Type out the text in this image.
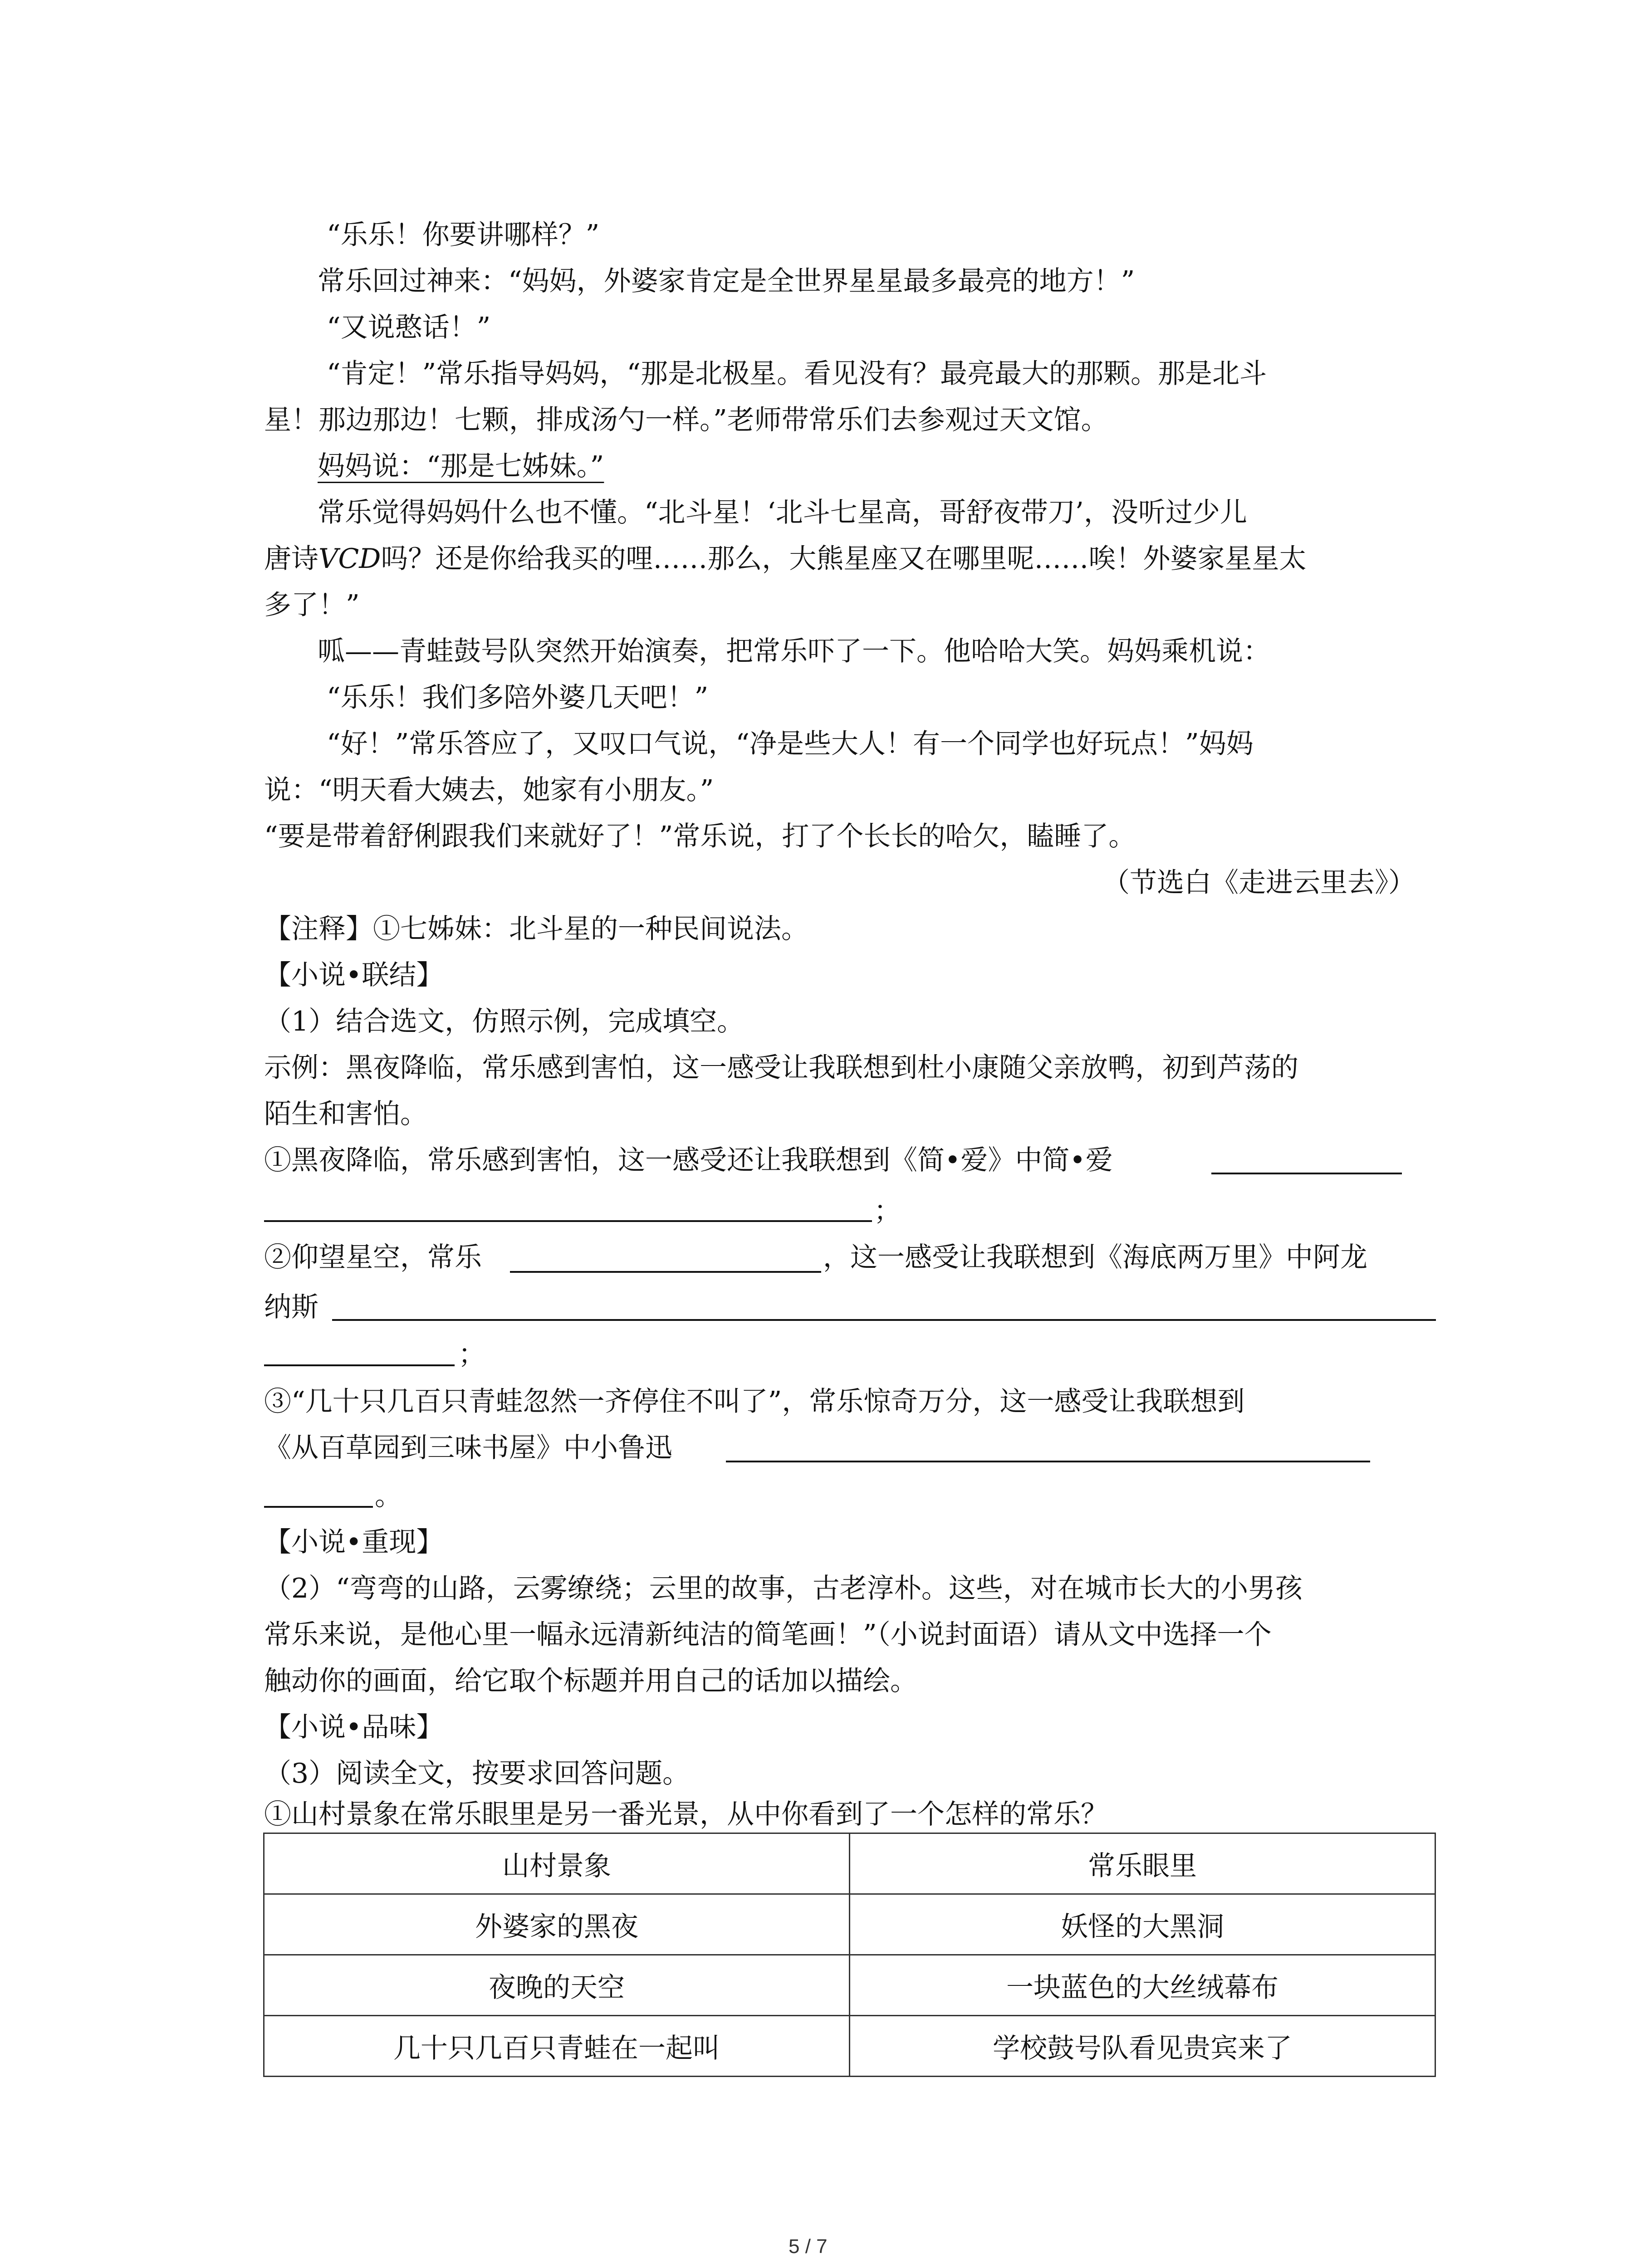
“乐乐！你要讲哪样？”
常乐回过神来：“妈妈，外婆家肯定是全世界星星最多最亮的地方！”
“又说憨话！”
“肯定！”常乐指导妈妈，“那是北极星。看见没有？最亮最大的那颗。那是北斗
星！那边那边！七颗，排成汤勺一样。”老师带常乐们去参观过天文馆。
妈妈说：“那是七姊妹。”
常乐觉得妈妈什么也不懂。“北斗星！‘北斗七星高，哥舒夜带刀’，没听过少儿
唐诗VCD吗？还是你给我买的哩……那么，大熊星座又在哪里呢……唉！外婆家星星太
多了！”
呱——青蛙鼓号队突然开始演奏，把常乐吓了一下。他哈哈大笑。妈妈乘机说：
“乐乐！我们多陪外婆几天吧！”
“好！”常乐答应了，又叹口气说，“净是些大人！有一个同学也好玩点！”妈妈
说：“明天看大姨去，她家有小朋友。”
“要是带着舒俐跟我们来就好了！”常乐说，打了个长长的哈欠，瞌睡了。
（节选白《走进云里去》）
【注释】①七姊妹：北斗星的一种民间说法。
【小说•联结】
（1）结合选文，仿照示例，完成填空。
示例：黑夜降临，常乐感到害怕，这一感受让我联想到杜小康随父亲放鸭，初到芦荡的
陌生和害怕。
①黑夜降临，常乐感到害怕，这一感受还让我联想到《简•爱》中简•爱
；
②仰望星空，常乐	，这一感受让我联想到《海底两万里》中阿龙
纳斯
；
③“几十只几百只青蛙忽然一齐停住不叫了”，常乐惊奇万分，这一感受让我联想到
《从百草园到三味书屋》中小鲁迅
。
【小说•重现】
（2）“弯弯的山路，云雾缭绕；云里的故事，古老淳朴。这些，对在城市长大的小男孩
常乐来说，是他心里一幅永远清新纯洁的简笔画！”（小说封面语）请从文中选择一个
触动你的画面，给它取个标题并用自己的话加以描绘。
【小说•品味】
（3）阅读全文，按要求回答问题。
①山村景象在常乐眼里是另一番光景，从中你看到了一个怎样的常乐？
山村景象	常乐眼里
外婆家的黑夜	妖怪的大黑洞
夜晚的天空	一块蓝色的大丝绒幕布
几十只几百只青蛙在一起叫	学校鼓号队看见贵宾来了
5 / 7
